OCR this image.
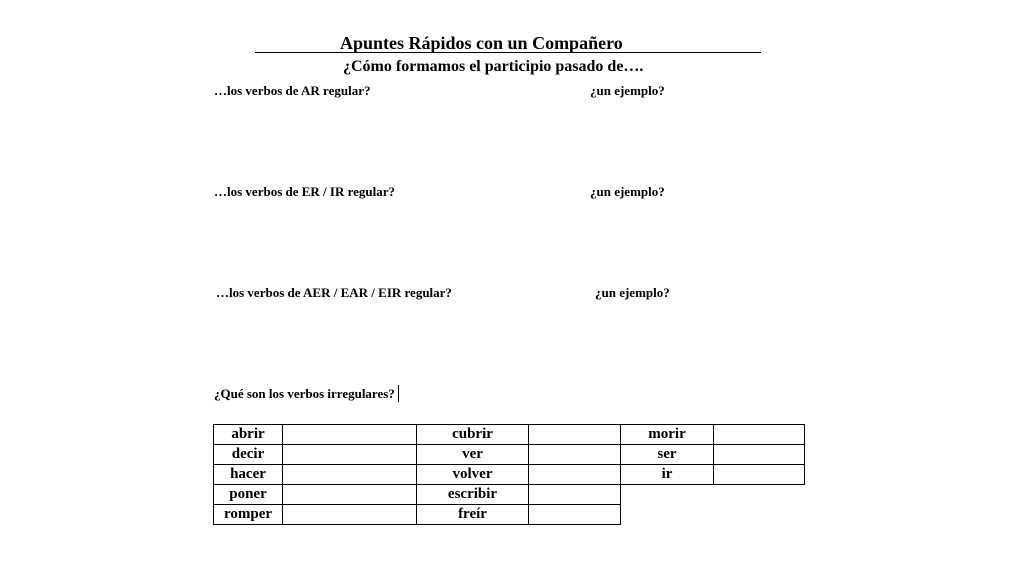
Apuntes Rápidos con un Compañero
¿Cómo formamos el participio pasado de….
…los verbos de AR regular?	¿un ejemplo?
…los verbos de ER / IR regular?	¿un ejemplo?
…los verbos de AER / EAR / EIR regular?	¿un ejemplo?
¿Qué son los verbos irregulares?
abrir		cubrir		morir	
decir		ver		ser	
hacer		volver		ir	
poner		escribir			
romper		freír			
